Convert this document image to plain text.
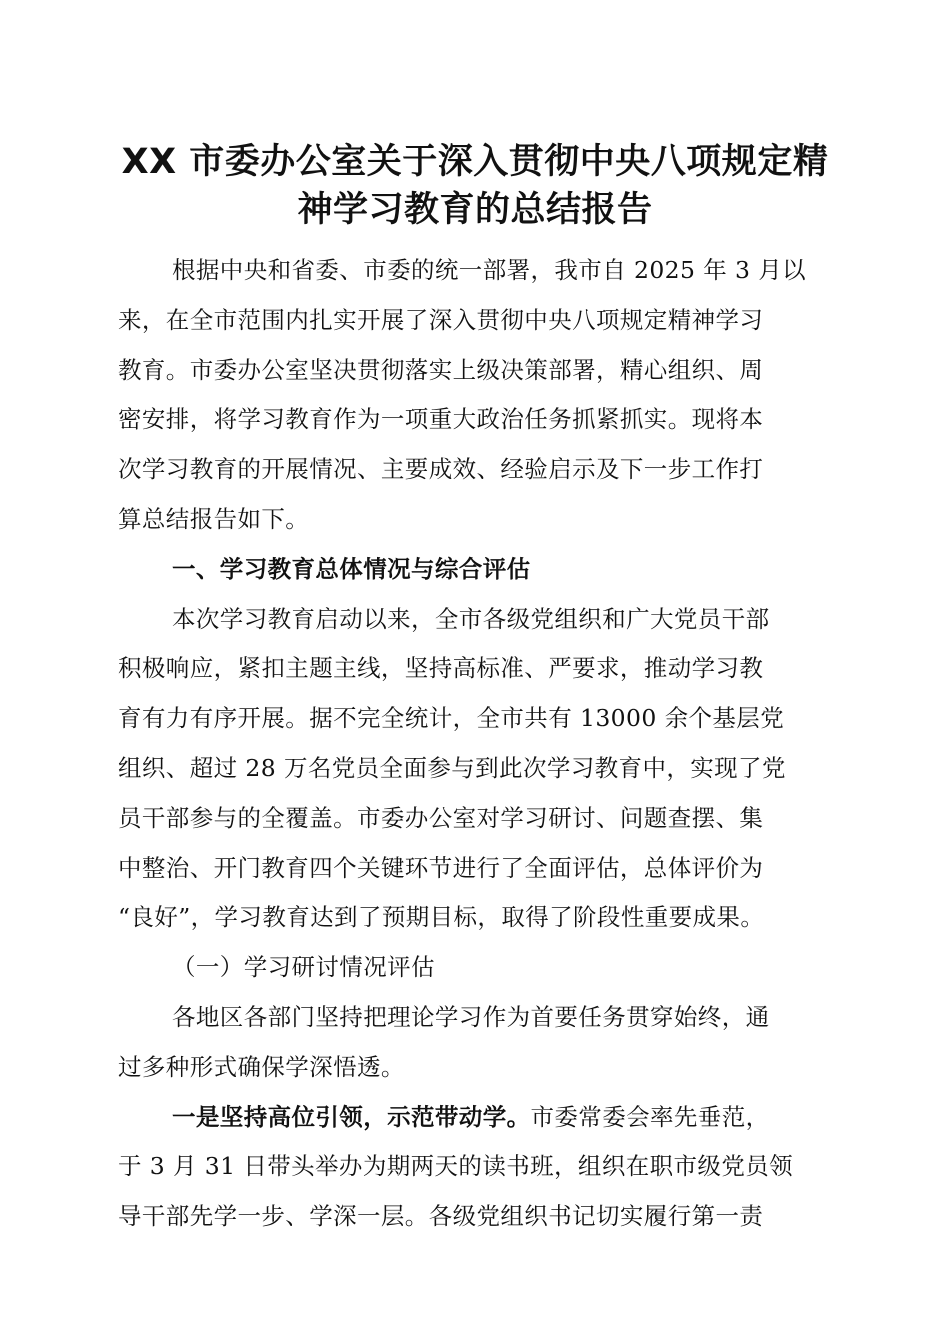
XX 市委办公室关于深入贯彻中央八项规定精
神学习教育的总结报告

根据中央和省委、市委的统一部署，我市自 2025 年 3 月以
来，在全市范围内扎实开展了深入贯彻中央八项规定精神学习
教育。市委办公室坚决贯彻落实上级决策部署，精心组织、周
密安排，将学习教育作为一项重大政治任务抓紧抓实。现将本
次学习教育的开展情况、主要成效、经验启示及下一步工作打
算总结报告如下。

一、学习教育总体情况与综合评估

本次学习教育启动以来，全市各级党组织和广大党员干部
积极响应，紧扣主题主线，坚持高标准、严要求，推动学习教
育有力有序开展。据不完全统计，全市共有 13000 余个基层党
组织、超过 28 万名党员全面参与到此次学习教育中，实现了党
员干部参与的全覆盖。市委办公室对学习研讨、问题查摆、集
中整治、开门教育四个关键环节进行了全面评估，总体评价为
“良好”，学习教育达到了预期目标，取得了阶段性重要成果。

（一）学习研讨情况评估

各地区各部门坚持把理论学习作为首要任务贯穿始终，通
过多种形式确保学深悟透。

一是坚持高位引领，示范带动学。市委常委会率先垂范，
于 3 月 31 日带头举办为期两天的读书班，组织在职市级党员领
导干部先学一步、学深一层。各级党组织书记切实履行第一责
